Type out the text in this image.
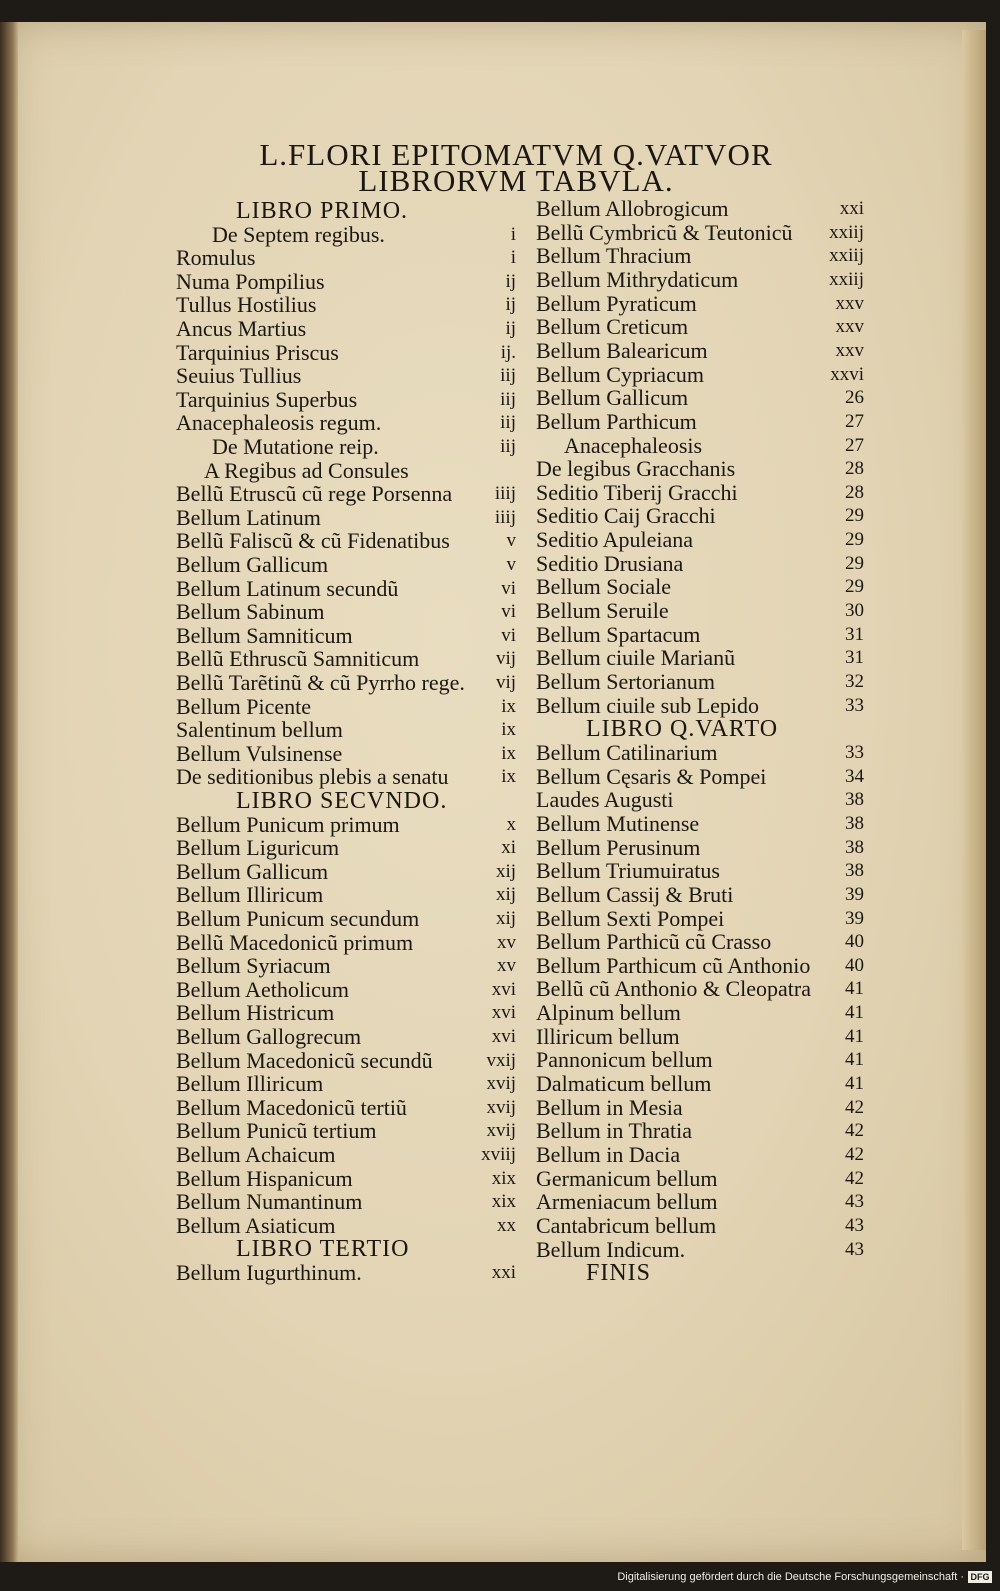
L.FLORI EPITOMATVM Q.VATVOR
LIBRORVM TABVLA.
LIBRO PRIMO.
De Septem regibus.	i
Romulus	i
Numa Pompilius	ij
Tullus Hostilius	ij
Ancus Martius	ij
Tarquinius Priscus	ij.
Seuius Tullius	iij
Tarquinius Superbus	iij
Anacephaleosis regum.	iij
De Mutatione reip.	iij
A Regibus ad Consules
Bellũ Etruscũ cũ rege Porsenna	iiij
Bellum Latinum	iiij
Bellũ Faliscũ & cũ Fidenatibus	v
Bellum Gallicum	v
Bellum Latinum secundũ	vi
Bellum Sabinum	vi
Bellum Samniticum	vi
Bellũ Ethruscũ Samniticum	vij
Bellũ Tarẽtinũ & cũ Pyrrho rege.	vij
Bellum Picente	ix
Salentinum bellum	ix
Bellum Vulsinense	ix
De seditionibus plebis a senatu	ix
LIBRO SECVNDO.
Bellum Punicum primum	x
Bellum Liguricum	xi
Bellum Gallicum	xij
Bellum Illiricum	xij
Bellum Punicum secundum	xij
Bellũ Macedonicũ primum	xv
Bellum Syriacum	xv
Bellum Aetholicum	xvi
Bellum Histricum	xvi
Bellum Gallogrecum	xvi
Bellum Macedonicũ secundũ	vxij
Bellum Illiricum	xvij
Bellum Macedonicũ tertiũ	xvij
Bellum Punicũ tertium	xvij
Bellum Achaicum	xviij
Bellum Hispanicum	xix
Bellum Numantinum	xix
Bellum Asiaticum	xx
LIBRO TERTIO
Bellum Iugurthinum.	xxi
Bellum Allobrogicum	xxi
Bellũ Cymbricũ & Teutonicũ	xxiij
Bellum Thracium	xxiij
Bellum Mithrydaticum	xxiij
Bellum Pyraticum	xxv
Bellum Creticum	xxv
Bellum Balearicum	xxv
Bellum Cypriacum	xxvi
Bellum Gallicum	26
Bellum Parthicum	27
Anacephaleosis	27
De legibus Gracchanis	28
Seditio Tiberij Gracchi	28
Seditio Caij Gracchi	29
Seditio Apuleiana	29
Seditio Drusiana	29
Bellum Sociale	29
Bellum Seruile	30
Bellum Spartacum	31
Bellum ciuile Marianũ	31
Bellum Sertorianum	32
Bellum ciuile sub Lepido	33
LIBRO Q.VARTO
Bellum Catilinarium	33
Bellum Cęsaris & Pompei	34
Laudes Augusti	38
Bellum Mutinense	38
Bellum Perusinum	38
Bellum Triumuiratus	38
Bellum Cassij & Bruti	39
Bellum Sexti Pompei	39
Bellum Parthicũ cũ Crasso	40
Bellum Parthicum cũ Anthonio	40
Bellũ cũ Anthonio & Cleopatra	41
Alpinum bellum	41
Illiricum bellum	41
Pannonicum bellum	41
Dalmaticum bellum	41
Bellum in Mesia	42
Bellum in Thratia	42
Bellum in Dacia	42
Germanicum bellum	42
Armeniacum bellum	43
Cantabricum bellum	43
Bellum Indicum.	43
FINIS
Digitalisierung gefördert durch die Deutsche Forschungsgemeinschaft · DFG
